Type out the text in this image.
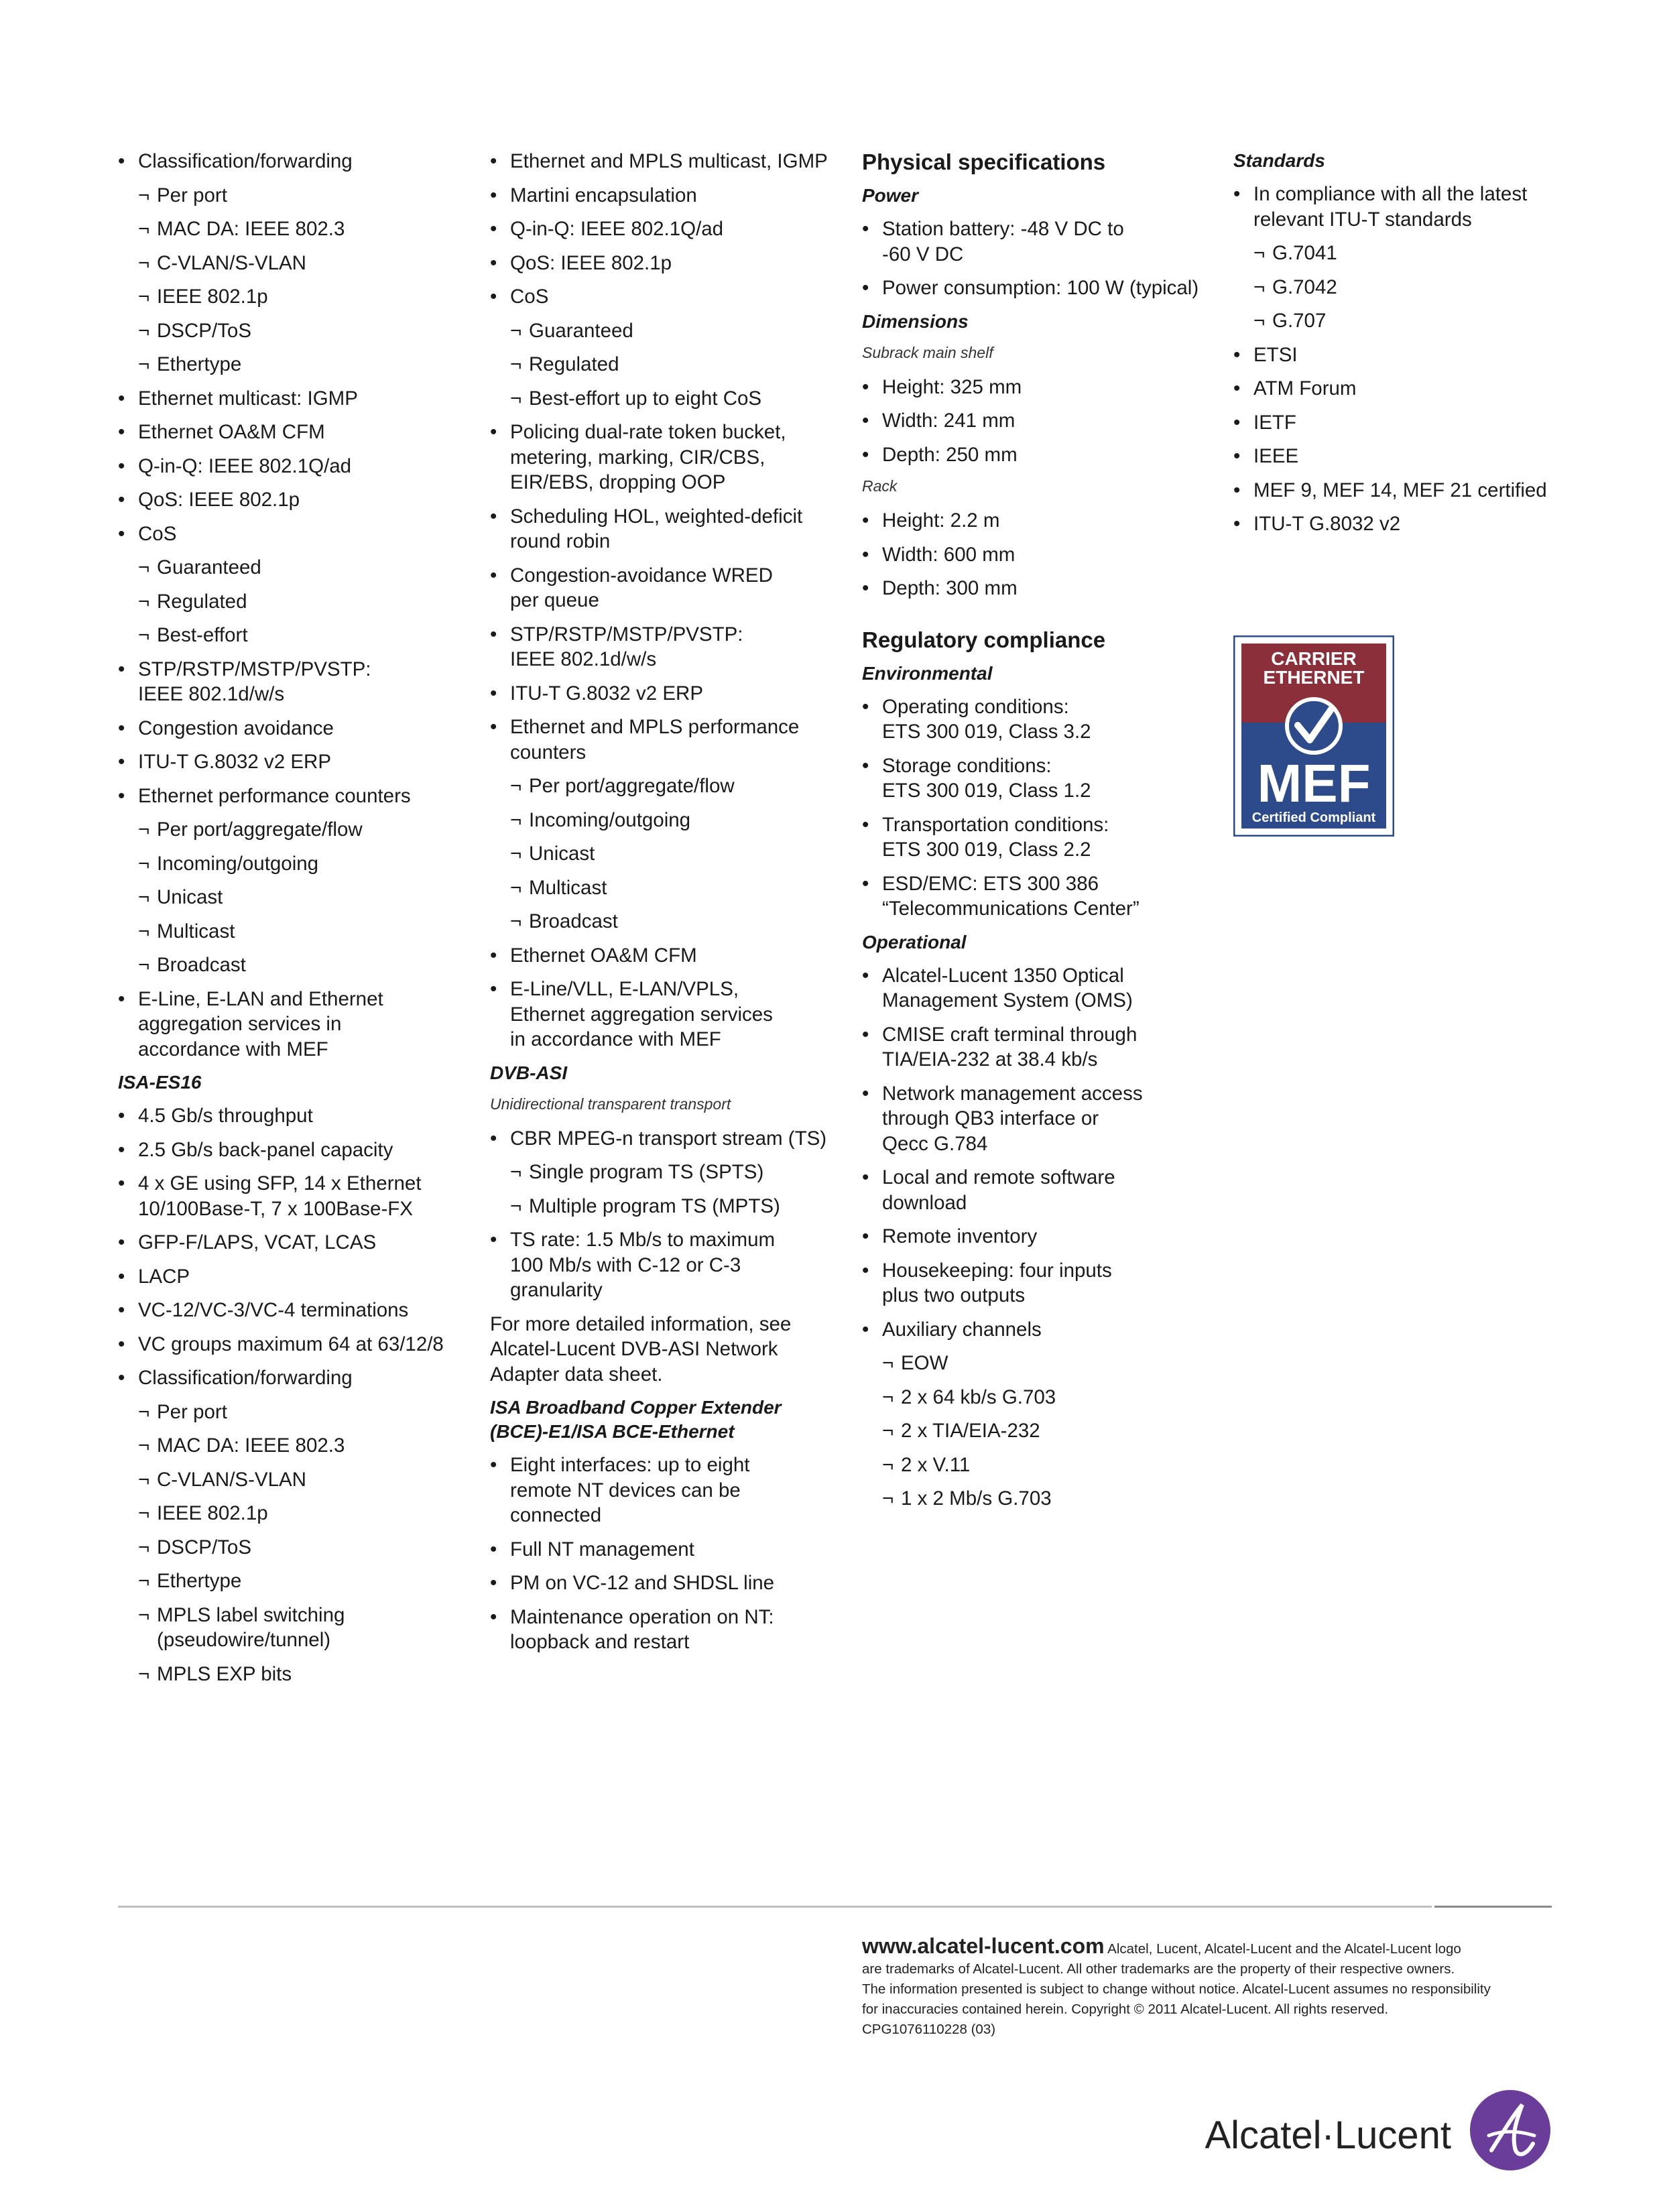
• Classification/forwarding
¬ Per port
¬ MAC DA: IEEE 802.3
¬ C-VLAN/S-VLAN
¬ IEEE 802.1p
¬ DSCP/ToS
¬ Ethertype
• Ethernet multicast: IGMP
• Ethernet OA&M CFM
• Q-in-Q: IEEE 802.1Q/ad
• QoS: IEEE 802.1p
• CoS
¬ Guaranteed
¬ Regulated
¬ Best-effort
• STP/RSTP/MSTP/PVSTP:
IEEE 802.1d/w/s
• Congestion avoidance
• ITU-T G.8032 v2 ERP
• Ethernet performance counters
¬ Per port/aggregate/flow
¬ Incoming/outgoing
¬ Unicast
¬ Multicast
¬ Broadcast
• E-Line, E-LAN and Ethernet
aggregation services in
accordance with MEF
ISA-ES16
• 4.5 Gb/s throughput
• 2.5 Gb/s back-panel capacity
• 4 x GE using SFP, 14 x Ethernet
10/100Base-T, 7 x 100Base-FX
• GFP-F/LAPS, VCAT, LCAS
• LACP
• VC-12/VC-3/VC-4 terminations
• VC groups maximum 64 at 63/12/8
• Classification/forwarding
¬ Per port
¬ MAC DA: IEEE 802.3
¬ C-VLAN/S-VLAN
¬ IEEE 802.1p
¬ DSCP/ToS
¬ Ethertype
¬ MPLS label switching
(pseudowire/tunnel)
¬ MPLS EXP bits
• Ethernet and MPLS multicast, IGMP
• Martini encapsulation
• Q-in-Q: IEEE 802.1Q/ad
• QoS: IEEE 802.1p
• CoS
¬ Guaranteed
¬ Regulated
¬ Best-effort up to eight CoS
• Policing dual-rate token bucket,
metering, marking, CIR/CBS,
EIR/EBS, dropping OOP
• Scheduling HOL, weighted-deficit
round robin
• Congestion-avoidance WRED
per queue
• STP/RSTP/MSTP/PVSTP:
IEEE 802.1d/w/s
• ITU-T G.8032 v2 ERP
• Ethernet and MPLS performance
counters
¬ Per port/aggregate/flow
¬ Incoming/outgoing
¬ Unicast
¬ Multicast
¬ Broadcast
• Ethernet OA&M CFM
• E-Line/VLL, E-LAN/VPLS,
Ethernet aggregation services
in accordance with MEF
DVB-ASI
Unidirectional transparent transport
• CBR MPEG-n transport stream (TS)
¬ Single program TS (SPTS)
¬ Multiple program TS (MPTS)
• TS rate: 1.5 Mb/s to maximum
100 Mb/s with C-12 or C-3
granularity
For more detailed information, see
Alcatel-Lucent DVB-ASI Network
Adapter data sheet.
ISA Broadband Copper Extender
(BCE)-E1/ISA BCE-Ethernet
• Eight interfaces: up to eight
remote NT devices can be
connected
• Full NT management
• PM on VC-12 and SHDSL line
• Maintenance operation on NT:
loopback and restart
Physical specifications
Power
• Station battery: -48 V DC to
-60 V DC
• Power consumption: 100 W (typical)
Dimensions
Subrack main shelf
• Height: 325 mm
• Width: 241 mm
• Depth: 250 mm
Rack
• Height: 2.2 m
• Width: 600 mm
• Depth: 300 mm
Regulatory compliance
Environmental
• Operating conditions:
ETS 300 019, Class 3.2
• Storage conditions:
ETS 300 019, Class 1.2
• Transportation conditions:
ETS 300 019, Class 2.2
• ESD/EMC: ETS 300 386
“Telecommunications Center”
Operational
• Alcatel-Lucent 1350 Optical
Management System (OMS)
• CMISE craft terminal through
TIA/EIA-232 at 38.4 kb/s
• Network management access
through QB3 interface or
Qecc G.784
• Local and remote software
download
• Remote inventory
• Housekeeping: four inputs
plus two outputs
• Auxiliary channels
¬ EOW
¬ 2 x 64 kb/s G.703
¬ 2 x TIA/EIA-232
¬ 2 x V.11
¬ 1 x 2 Mb/s G.703
Standards
• In compliance with all the latest
relevant ITU-T standards
¬ G.7041
¬ G.7042
¬ G.707
• ETSI
• ATM Forum
• IETF
• IEEE
• MEF 9, MEF 14, MEF 21 certified
• ITU-T G.8032 v2
CARRIER
ETHERNET
MEF
Certified Compliant
www.alcatel-lucent.com Alcatel, Lucent, Alcatel-Lucent and the Alcatel-Lucent logo
are trademarks of Alcatel-Lucent. All other trademarks are the property of their respective owners.
The information presented is subject to change without notice. Alcatel-Lucent assumes no responsibility
for inaccuracies contained herein. Copyright © 2011 Alcatel-Lucent. All rights reserved.
CPG1076110228 (03)
Alcatel·Lucent
